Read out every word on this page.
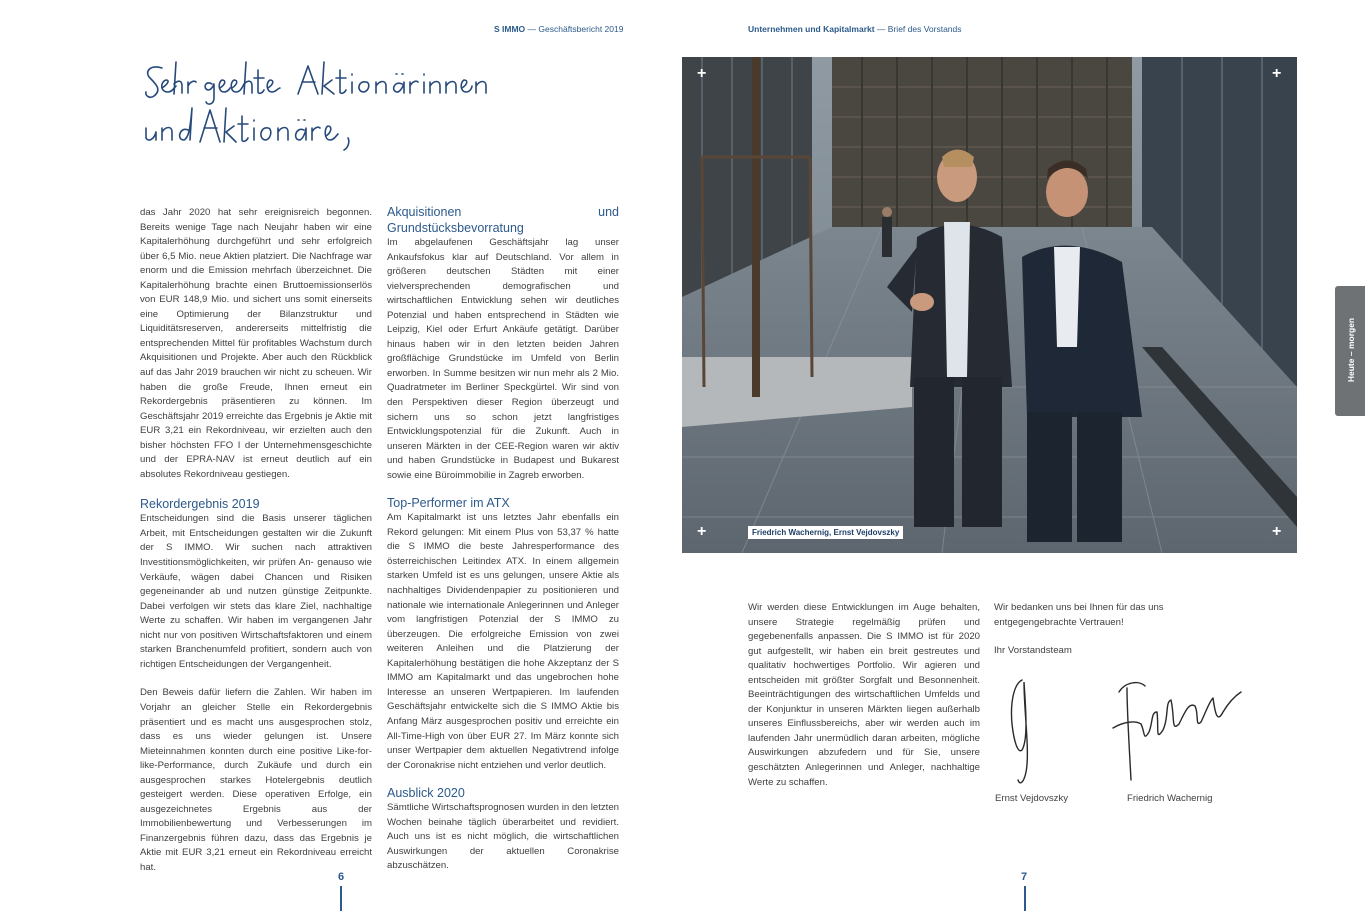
S IMMO — Geschäftsbericht 2019	Unternehmen und Kapitalmarkt — Brief des Vorstands

das Jahr 2020 hat sehr ereignisreich begonnen. Bereits wenige Tage nach Neujahr haben wir eine Kapitalerhöhung durchgeführt und sehr erfolgreich über 6,5 Mio. neue Aktien platziert. Die Nachfrage war enorm und die Emission mehrfach überzeichnet. Die Kapitalerhöhung brachte einen Bruttoemissionserlös von EUR 148,9 Mio. und sichert uns somit einerseits eine Optimierung der Bilanzstruktur und Liquiditätsreserven, andererseits mittelfristig die entsprechenden Mittel für profitables Wachstum durch Akquisitionen und Projekte. Aber auch den Rückblick auf das Jahr 2019 brauchen wir nicht zu scheuen. Wir haben die große Freude, Ihnen erneut ein Rekordergebnis präsentieren zu können. Im Geschäftsjahr 2019 erreichte das Ergebnis je Aktie mit EUR 3,21 ein Rekordniveau, wir erzielten auch den bisher höchsten FFO I der Unternehmensgeschichte und der EPRA-NAV ist erneut deutlich auf ein absolutes Rekordniveau gestiegen.

Rekordergebnis 2019

Entscheidungen sind die Basis unserer täglichen Arbeit, mit Entscheidungen gestalten wir die Zukunft der S IMMO. Wir suchen nach attraktiven Investitionsmöglichkeiten, wir prüfen An- genauso wie Verkäufe, wägen dabei Chancen und Risiken gegeneinander ab und nutzen günstige Zeitpunkte. Dabei verfolgen wir stets das klare Ziel, nachhaltige Werte zu schaffen. Wir haben im vergangenen Jahr nicht nur von positiven Wirtschaftsfaktoren und einem starken Branchenumfeld profitiert, sondern auch von richtigen Entscheidungen der Vergangenheit.

Den Beweis dafür liefern die Zahlen. Wir haben im Vorjahr an gleicher Stelle ein Rekordergebnis präsentiert und es macht uns ausgesprochen stolz, dass es uns wieder gelungen ist. Unsere Mieteinnahmen konnten durch eine positive Like-for-like-Performance, durch Zukäufe und durch ein ausgesprochen starkes Hotelergebnis deutlich gesteigert werden. Diese operativen Erfolge, ein ausgezeichnetes Ergebnis aus der Immobilienbewertung und Verbesserungen im Finanzergebnis führen dazu, dass das Ergebnis je Aktie mit EUR 3,21 erneut ein Rekordniveau erreicht hat.

Akquisitionen und Grundstücksbevorratung

Im abgelaufenen Geschäftsjahr lag unser Ankaufsfokus klar auf Deutschland. Vor allem in größeren deutschen Städten mit einer vielversprechenden demografischen und wirtschaftlichen Entwicklung sehen wir deutliches Potenzial und haben entsprechend in Städten wie Leipzig, Kiel oder Erfurt Ankäufe getätigt. Darüber hinaus haben wir in den letzten beiden Jahren großflächige Grundstücke im Umfeld von Berlin erworben. In Summe besitzen wir nun mehr als 2 Mio. Quadratmeter im Berliner Speckgürtel. Wir sind von den Perspektiven dieser Region überzeugt und sichern uns so schon jetzt langfristiges Entwicklungspotenzial für die Zukunft. Auch in unseren Märkten in der CEE-Region waren wir aktiv und haben Grundstücke in Budapest und Bukarest sowie eine Büroimmobilie in Zagreb erworben.

Top-Performer im ATX

Am Kapitalmarkt ist uns letztes Jahr ebenfalls ein Rekord gelungen: Mit einem Plus von 53,37 % hatte die S IMMO die beste Jahresperformance des österreichischen Leitindex ATX. In einem allgemein starken Umfeld ist es uns gelungen, unsere Aktie als nachhaltiges Dividendenpapier zu positionieren und nationale wie internationale Anlegerinnen und Anleger vom langfristigen Potenzial der S IMMO zu überzeugen. Die erfolgreiche Emission von zwei weiteren Anleihen und die Platzierung der Kapitalerhöhung bestätigen die hohe Akzeptanz der S IMMO am Kapitalmarkt und das ungebrochen hohe Interesse an unseren Wertpapieren. Im laufenden Geschäftsjahr entwickelte sich die S IMMO Aktie bis Anfang März ausgesprochen positiv und erreichte ein All-Time-High von über EUR 27. Im März konnte sich unser Wertpapier dem aktuellen Negativtrend infolge der Coronakrise nicht entziehen und verlor deutlich.

Ausblick 2020

Sämtliche Wirtschaftsprognosen wurden in den letzten Wochen beinahe täglich überarbeitet und revidiert. Auch uns ist es nicht möglich, die wirtschaftlichen Auswirkungen der aktuellen Coronakrise abzuschätzen.

+	+
+	+
Friedrich Wachernig, Ernst Vejdovszky

Wir werden diese Entwicklungen im Auge behalten, unsere Strategie regelmäßig prüfen und gegebenenfalls anpassen. Die S IMMO ist für 2020 gut aufgestellt, wir haben ein breit gestreutes und qualitativ hochwertiges Portfolio. Wir agieren und entscheiden mit größter Sorgfalt und Besonnenheit. Beeinträchtigungen des wirtschaftlichen Umfelds und der Konjunktur in unseren Märkten liegen außerhalb unseres Einflussbereichs, aber wir werden auch im laufenden Jahr unermüdlich daran arbeiten, mögliche Auswirkungen abzufedern und für Sie, unsere geschätzten Anlegerinnen und Anleger, nachhaltige Werte zu schaffen.

Wir bedanken uns bei Ihnen für das uns entgegengebrachte Vertrauen!

Ihr Vorstandsteam

Ernst Vejdovszky	Friedrich Wachernig
6	7
Heute – morgen
